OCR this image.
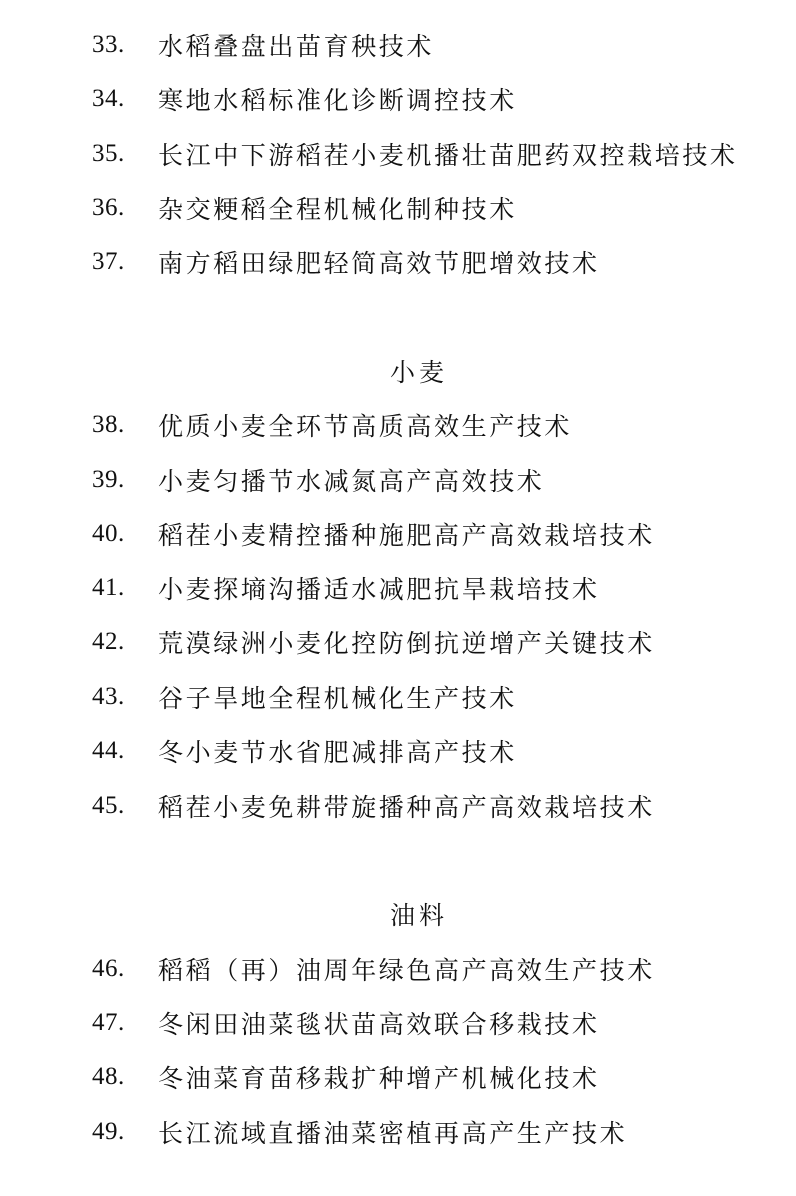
33.	水稻叠盘出苗育秧技术
34.	寒地水稻标准化诊断调控技术
35.	长江中下游稻茬小麦机播壮苗肥药双控栽培技术
36.	杂交粳稻全程机械化制种技术
37.	南方稻田绿肥轻简高效节肥增效技术
小麦
38.	优质小麦全环节高质高效生产技术
39.	小麦匀播节水减氮高产高效技术
40.	稻茬小麦精控播种施肥高产高效栽培技术
41.	小麦探墒沟播适水减肥抗旱栽培技术
42.	荒漠绿洲小麦化控防倒抗逆增产关键技术
43.	谷子旱地全程机械化生产技术
44.	冬小麦节水省肥减排高产技术
45.	稻茬小麦免耕带旋播种高产高效栽培技术
油料
46.	稻稻（再）油周年绿色高产高效生产技术
47.	冬闲田油菜毯状苗高效联合移栽技术
48.	冬油菜育苗移栽扩种增产机械化技术
49.	长江流域直播油菜密植再高产生产技术
